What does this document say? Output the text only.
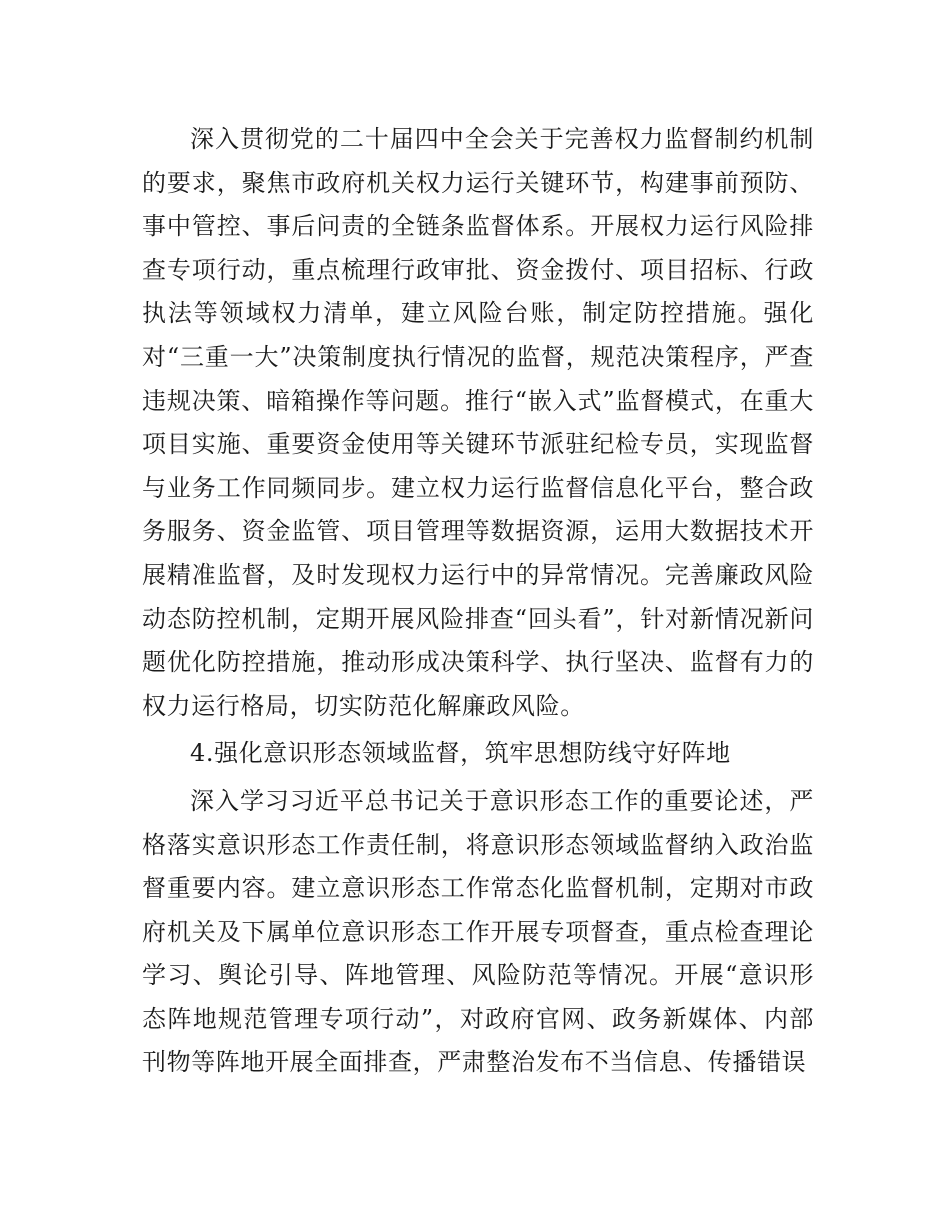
深入贯彻党的二十届四中全会关于完善权力监督制约机制的要求，聚焦市政府机关权力运行关键环节，构建事前预防、事中管控、事后问责的全链条监督体系。开展权力运行风险排查专项行动，重点梳理行政审批、资金拨付、项目招标、行政执法等领域权力清单，建立风险台账，制定防控措施。强化对“三重一大”决策制度执行情况的监督，规范决策程序，严查违规决策、暗箱操作等问题。推行“嵌入式”监督模式，在重大项目实施、重要资金使用等关键环节派驻纪检专员，实现监督与业务工作同频同步。建立权力运行监督信息化平台，整合政务服务、资金监管、项目管理等数据资源，运用大数据技术开展精准监督，及时发现权力运行中的异常情况。完善廉政风险动态防控机制，定期开展风险排查“回头看”，针对新情况新问题优化防控措施，推动形成决策科学、执行坚决、监督有力的权力运行格局，切实防范化解廉政风险。

4.强化意识形态领域监督，筑牢思想防线守好阵地

深入学习习近平总书记关于意识形态工作的重要论述，严格落实意识形态工作责任制，将意识形态领域监督纳入政治监督重要内容。建立意识形态工作常态化监督机制，定期对市政府机关及下属单位意识形态工作开展专项督查，重点检查理论学习、舆论引导、阵地管理、风险防范等情况。开展“意识形态阵地规范管理专项行动”，对政府官网、政务新媒体、内部刊物等阵地开展全面排查，严肃整治发布不当信息、传播错误
